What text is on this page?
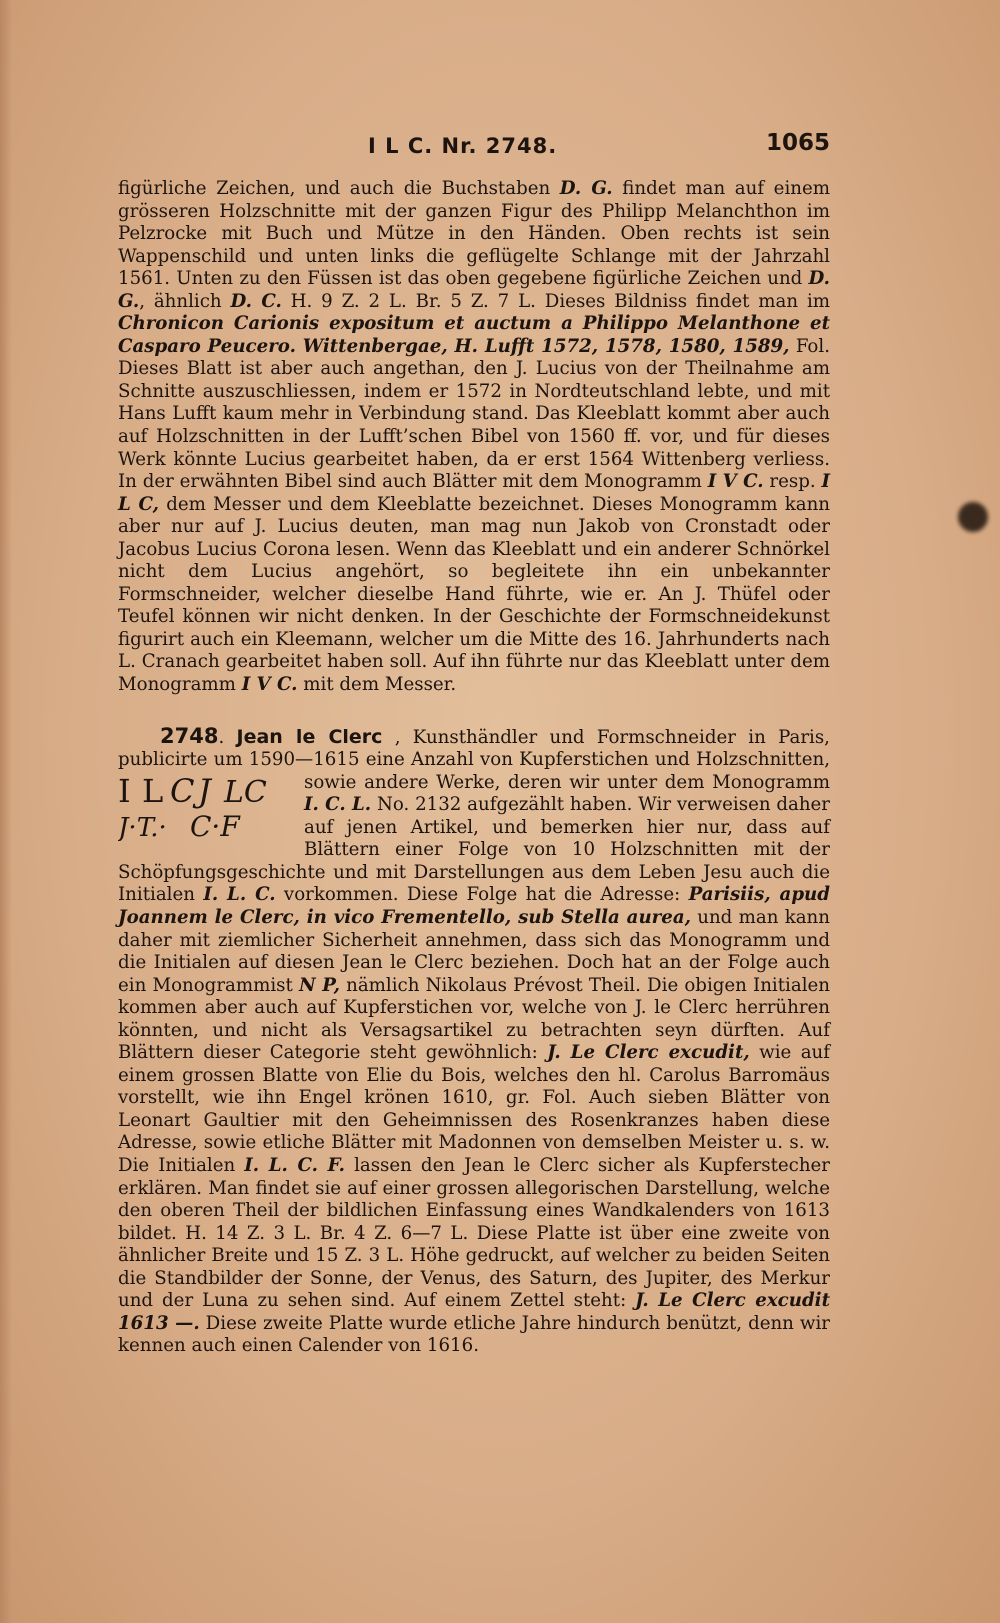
I L C. Nr. 2748.	1065

figürliche Zeichen, und auch die Buchstaben D. G. findet man auf einem grösseren Holzschnitte mit der ganzen Figur des Philipp Melanchthon im Pelzrocke mit Buch und Mütze in den Händen. Oben rechts ist sein Wappenschild und unten links die geflügelte Schlange mit der Jahrzahl 1561. Unten zu den Füssen ist das oben gegebene figürliche Zeichen und D. G., ähnlich D. C. H. 9 Z. 2 L. Br. 5 Z. 7 L. Dieses Bildniss findet man im Chronicon Carionis expositum et auctum a Philippo Melanthone et Casparo Peucero. Wittenbergae, H. Lufft 1572, 1578, 1580, 1589, Fol. Dieses Blatt ist aber auch angethan, den J. Lucius von der Theilnahme am Schnitte auszuschliessen, indem er 1572 in Nordteutschland lebte, und mit Hans Lufft kaum mehr in Verbindung stand. Das Kleeblatt kommt aber auch auf Holzschnitten in der Lufft’schen Bibel von 1560 ff. vor, und für dieses Werk könnte Lucius gearbeitet haben, da er erst 1564 Wittenberg verliess. In der erwähnten Bibel sind auch Blätter mit dem Monogramm I V C. resp. I L C, dem Messer und dem Kleeblatte bezeichnet. Dieses Monogramm kann aber nur auf J. Lucius deuten, man mag nun Jakob von Cronstadt oder Jacobus Lucius Corona lesen. Wenn das Kleeblatt und ein anderer Schnörkel nicht dem Lucius angehört, so begleitete ihn ein unbekannter Formschneider, welcher dieselbe Hand führte, wie er. An J. Thüfel oder Teufel können wir nicht denken. In der Geschichte der Formschneidekunst figurirt auch ein Kleemann, welcher um die Mitte des 16. Jahrhunderts nach L. Cranach gearbeitet haben soll. Auf ihn führte nur das Kleeblatt unter dem Monogramm I V C. mit dem Messer.

2748. Jean le Clerc , Kunsthändler und Formschneider in Paris, publicirte um 1590—1615 eine Anzahl von Kupferstichen und Holzschnitten, sowie andere Werke, deren wir unter dem Monogramm
I L C J LC
J·T.· C·F
I. C. L. No. 2132 aufgezählt haben. Wir verweisen daher auf jenen Artikel, und bemerken hier nur, dass auf Blättern einer Folge von 10 Holzschnitten mit der Schöpfungsgeschichte und mit Darstellungen aus dem Leben Jesu auch die Initialen I. L. C. vorkommen. Diese Folge hat die Adresse: Parisiis, apud Joannem le Clerc, in vico Frementello, sub Stella aurea, und man kann daher mit ziemlicher Sicherheit annehmen, dass sich das Monogramm und die Initialen auf diesen Jean le Clerc beziehen. Doch hat an der Folge auch ein Monogrammist N P, nämlich Nikolaus Prévost Theil. Die obigen Initialen kommen aber auch auf Kupferstichen vor, welche von J. le Clerc herrühren könnten, und nicht als Versagsartikel zu betrachten seyn dürften. Auf Blättern dieser Categorie steht gewöhnlich: J. Le Clerc excudit, wie auf einem grossen Blatte von Elie du Bois, welches den hl. Carolus Barromäus vorstellt, wie ihn Engel krönen 1610, gr. Fol. Auch sieben Blätter von Leonart Gaultier mit den Geheimnissen des Rosenkranzes haben diese Adresse, sowie etliche Blätter mit Madonnen von demselben Meister u. s. w. Die Initialen I. L. C. F. lassen den Jean le Clerc sicher als Kupferstecher erklären. Man findet sie auf einer grossen allegorischen Darstellung, welche den oberen Theil der bildlichen Einfassung eines Wandkalenders von 1613 bildet. H. 14 Z. 3 L. Br. 4 Z. 6—7 L. Diese Platte ist über eine zweite von ähnlicher Breite und 15 Z. 3 L. Höhe gedruckt, auf welcher zu beiden Seiten die Standbilder der Sonne, der Venus, des Saturn, des Jupiter, des Merkur und der Luna zu sehen sind. Auf einem Zettel steht: J. Le Clerc excudit 1613 —. Diese zweite Platte wurde etliche Jahre hindurch benützt, denn wir kennen auch einen Calender von 1616.
